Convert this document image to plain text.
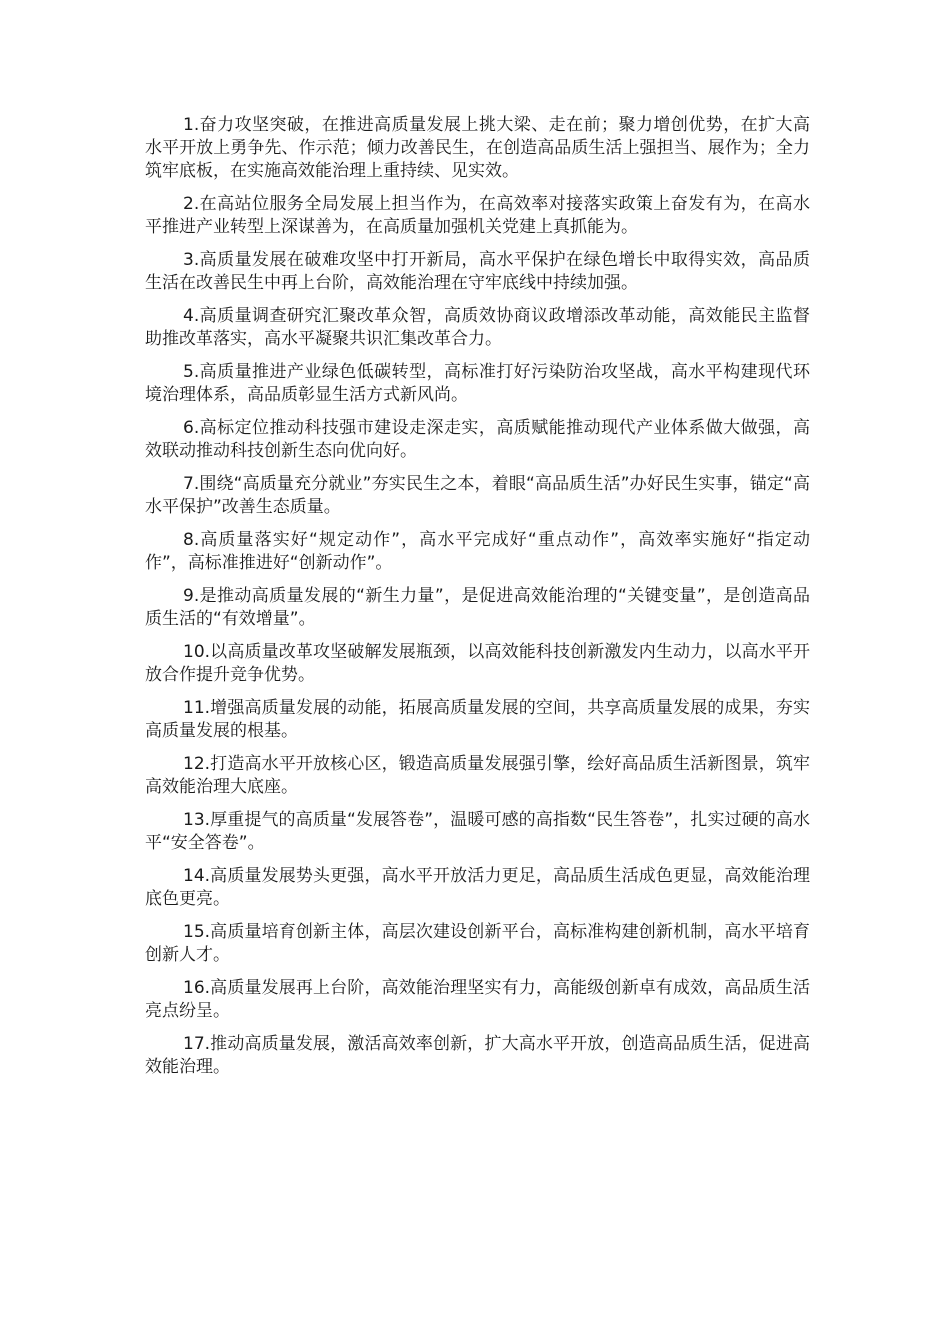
1.奋力攻坚突破，在推进高质量发展上挑大梁、走在前；聚力增创优势，在扩大高水平开放上勇争先、作示范；倾力改善民生，在创造高品质生活上强担当、展作为；全力筑牢底板，在实施高效能治理上重持续、见实效。

2.在高站位服务全局发展上担当作为，在高效率对接落实政策上奋发有为，在高水平推进产业转型上深谋善为，在高质量加强机关党建上真抓能为。

3.高质量发展在破难攻坚中打开新局，高水平保护在绿色增长中取得实效，高品质生活在改善民生中再上台阶，高效能治理在守牢底线中持续加强。

4.高质量调查研究汇聚改革众智，高质效协商议政增添改革动能，高效能民主监督助推改革落实，高水平凝聚共识汇集改革合力。

5.高质量推进产业绿色低碳转型，高标准打好污染防治攻坚战，高水平构建现代环境治理体系，高品质彰显生活方式新风尚。

6.高标定位推动科技强市建设走深走实，高质赋能推动现代产业体系做大做强，高效联动推动科技创新生态向优向好。

7.围绕“高质量充分就业”夯实民生之本，着眼“高品质生活”办好民生实事，锚定“高水平保护”改善生态质量。

8.高质量落实好“规定动作”，高水平完成好“重点动作”，高效率实施好“指定动作”，高标准推进好“创新动作”。

9.是推动高质量发展的“新生力量”，是促进高效能治理的“关键变量”，是创造高品质生活的“有效增量”。

10.以高质量改革攻坚破解发展瓶颈，以高效能科技创新激发内生动力，以高水平开放合作提升竞争优势。

11.增强高质量发展的动能，拓展高质量发展的空间，共享高质量发展的成果，夯实高质量发展的根基。

12.打造高水平开放核心区，锻造高质量发展强引擎，绘好高品质生活新图景，筑牢高效能治理大底座。

13.厚重提气的高质量“发展答卷”，温暖可感的高指数“民生答卷”，扎实过硬的高水平“安全答卷”。

14.高质量发展势头更强，高水平开放活力更足，高品质生活成色更显，高效能治理底色更亮。

15.高质量培育创新主体，高层次建设创新平台，高标准构建创新机制，高水平培育创新人才。

16.高质量发展再上台阶，高效能治理坚实有力，高能级创新卓有成效，高品质生活亮点纷呈。

17.推动高质量发展，激活高效率创新，扩大高水平开放，创造高品质生活，促进高效能治理。
